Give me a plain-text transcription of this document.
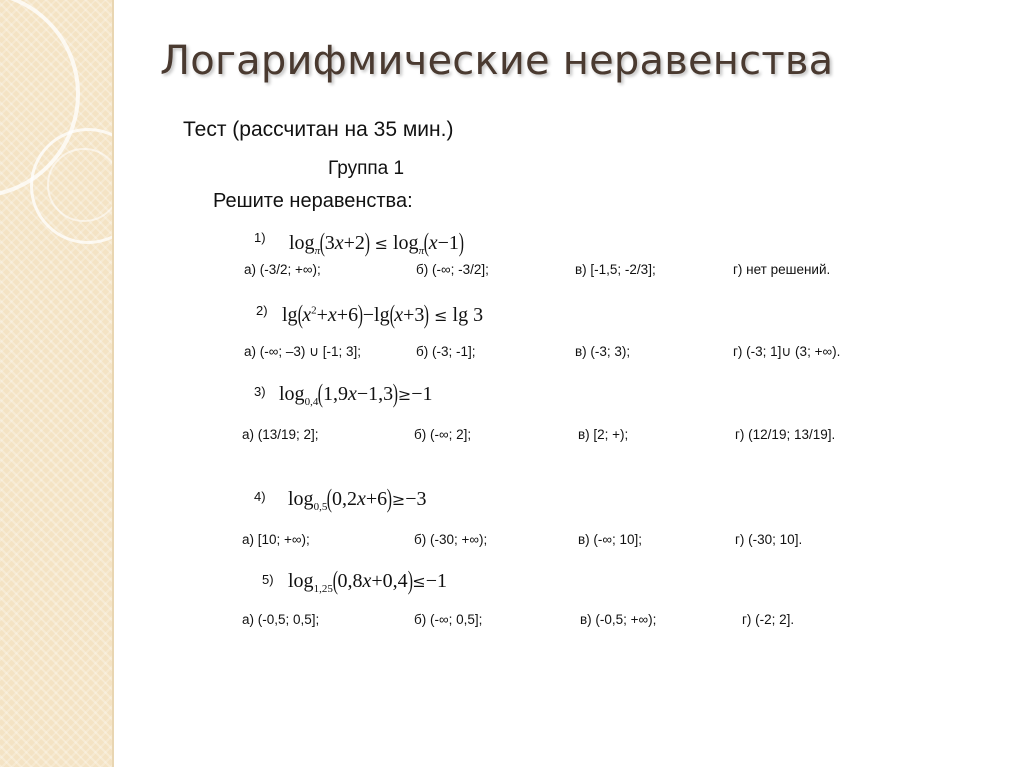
Логарифмические неравенства
Тест (рассчитан на 35 мин.)
Группа 1
Решите неравенства:
1) $\log_\pi(3x+2) \le \log_\pi(x-1)$
а) (-3/2; +∞);	б) (-∞; -3/2];	в) [-1,5; -2/3];	г) нет решений.
2) $\lg(x^2+x+6)-\lg(x+3) \le \lg 3$
а) (-∞; –3) ∪ [-1; 3];	б) (-3; -1];	в) (-3; 3);	г) (-3; 1]∪ (3; +∞).
3) $\log_{0,4}(1,9x-1,3)\ge-1$
а) (13/19; 2];	б) (-∞; 2];	в) [2; +);	г) (12/19; 13/19].
4) $\log_{0,5}(0,2x+6)\ge-3$
а) [10; +∞);	б) (-30; +∞);	в) (-∞; 10];	г) (-30; 10].
5) $\log_{1,25}(0,8x+0,4)\le-1$
а) (-0,5; 0,5];	б) (-∞; 0,5];	в) (-0,5; +∞);	г) (-2; 2].
